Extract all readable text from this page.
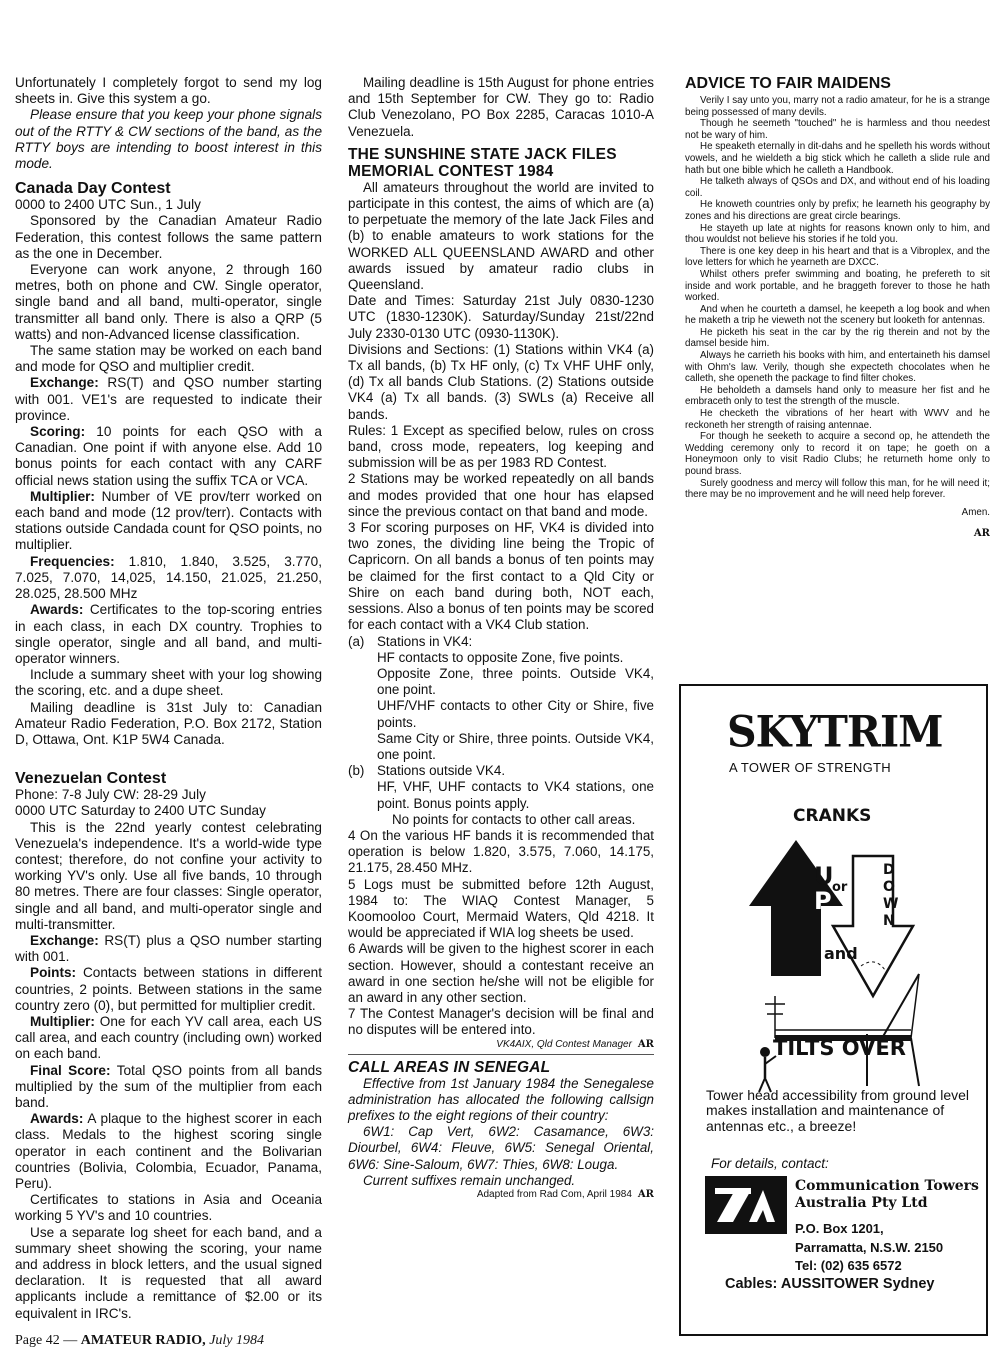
Unfortunately I completely forgot to send my log sheets in. Give this system a go.

Please ensure that you keep your phone signals out of the RTTY & CW sections of the band, as the RTTY boys are intending to boost interest in this mode.

Canada Day Contest

0000 to 2400 UTC Sun., 1 July

Sponsored by the Canadian Amateur Radio Federation, this contest follows the same pattern as the one in December.

Everyone can work anyone, 2 through 160 metres, both on phone and CW. Single operator, single band and all band, multi-operator, single transmitter all band only. There is also a QRP (5 watts) and non-Advanced license classification.

The same station may be worked on each band and mode for QSO and multiplier credit.

Exchange: RS(T) and QSO number starting with 001. VE1's are requested to indicate their province.

Scoring: 10 points for each QSO with a Canadian. One point if with anyone else. Add 10 bonus points for each contact with any CARF official news station using the suffix TCA or VCA.

Multiplier: Number of VE prov/terr worked on each band and mode (12 prov/terr). Contacts with stations outside Candada count for QSO points, no multiplier.

Frequencies: 1.810, 1.840, 3.525, 3.770, 7.025, 7.070, 14,025, 14.150, 21.025, 21.250, 28.025, 28.500 MHz

Awards: Certificates to the top-scoring entries in each class, in each DX country. Trophies to single operator, single and all band, and multi-operator winners.

Include a summary sheet with your log showing the scoring, etc. and a dupe sheet.

Mailing deadline is 31st July to: Canadian Amateur Radio Federation, P.O. Box 2172, Station D, Ottawa, Ont. K1P 5W4 Canada.

Venezuelan Contest

Phone: 7-8 July CW: 28-29 July

0000 UTC Saturday to 2400 UTC Sunday

This is the 22nd yearly contest celebrating Venezuela's independence. It's a world-wide type contest; therefore, do not confine your activity to working YV's only. Use all five bands, 10 through 80 metres. There are four classes: Single operator, single and all band, and multi-operator single and multi-transmitter.

Exchange: RS(T) plus a QSO number starting with 001.

Points: Contacts between stations in different countries, 2 points. Between stations in the same country zero (0), but permitted for multiplier credit.

Multiplier: One for each YV call area, each US call area, and each country (including own) worked on each band.

Final Score: Total QSO points from all bands multiplied by the sum of the multiplier from each band.

Awards: A plaque to the highest scorer in each class. Medals to the highest scoring single operator in each continent and the Bolivarian countries (Bolivia, Colombia, Ecuador, Panama, Peru).

Certificates to stations in Asia and Oceania working 5 YV's and 10 countries.

Use a separate log sheet for each band, and a summary sheet showing the scoring, your name and address in block letters, and the usual signed declaration. It is requested that all award applicants include a remittance of $2.00 or its equivalent in IRC's.

Mailing deadline is 15th August for phone entries and 15th September for CW. They go to: Radio Club Venezolano, PO Box 2285, Caracas 1010-A Venezuela.

THE SUNSHINE STATE JACK FILES
MEMORIAL CONTEST 1984

All amateurs throughout the world are invited to participate in this contest, the aims of which are (a) to perpetuate the memory of the late Jack Files and (b) to enable amateurs to work stations for the WORKED ALL QUEENSLAND AWARD and other awards issued by amateur radio clubs in Queensland.

Date and Times: Saturday 21st July 0830-1230 UTC (1830-1230K). Saturday/Sunday 21st/22nd July 2330-0130 UTC (0930-1130K).

Divisions and Sections: (1) Stations within VK4 (a) Tx all bands, (b) Tx HF only, (c) Tx VHF UHF only, (d) Tx all bands Club Stations. (2) Stations outside VK4 (a) Tx all bands. (3) SWLs (a) Receive all bands.

Rules: 1 Except as specified below, rules on cross band, cross mode, repeaters, log keeping and submission will be as per 1983 RD Contest.

2 Stations may be worked repeatedly on all bands and modes provided that one hour has elapsed since the previous contact on that band and mode.

3 For scoring purposes on HF, VK4 is divided into two zones, the dividing line being the Tropic of Capricorn. On all bands a bonus of ten points may be claimed for the first contact to a Qld City or Shire on each band during both, NOT each, sessions. Also a bonus of ten points may be scored for each contact with a VK4 Club station.

(a) Stations in VK4:

HF contacts to opposite Zone, five points.

Opposite Zone, three points. Outside VK4, one point.

UHF/VHF contacts to other City or Shire, five points.

Same City or Shire, three points. Outside VK4, one point.

(b) Stations outside VK4.

HF, VHF, UHF contacts to VK4 stations, one point. Bonus points apply.

No points for contacts to other call areas.

4 On the various HF bands it is recommended that operation is below 1.820, 3.575, 7.060, 14.175, 21.175, 28.450 MHz.

5 Logs must be submitted before 12th August, 1984 to: The WIAQ Contest Manager, 5 Koomooloo Court, Mermaid Waters, Qld 4218. It would be appreciated if WIA log sheets be used.

6 Awards will be given to the highest scorer in each section. However, should a contestant receive an award in one section he/she will not be eligible for an award in any other section.

7 The Contest Manager's decision will be final and no disputes will be entered into.

VK4AIX, Qld Contest Manager AR

CALL AREAS IN SENEGAL

Effective from 1st January 1984 the Senegalese administration has allocated the following callsign prefixes to the eight regions of their country:

6W1: Cap Vert, 6W2: Casamance, 6W3: Diourbel, 6W4: Fleuve, 6W5: Senegal Oriental, 6W6: Sine-Saloum, 6W7: Thies, 6W8: Louga.

Current suffixes remain unchanged.

Adapted from Rad Com, April 1984 AR

ADVICE TO FAIR MAIDENS

Verily I say unto you, marry not a radio amateur, for he is a strange being possessed of many devils.

Though he seemeth "touched" he is harmless and thou needest not be wary of him.

He speaketh eternally in dit-dahs and he spelleth his words without vowels, and he wieldeth a big stick which he calleth a slide rule and hath but one bible which he calleth a Handbook.

He talketh always of QSOs and DX, and without end of his loading coil.

He knoweth countries only by prefix; he learneth his geography by zones and his directions are great circle bearings.

He stayeth up late at nights for reasons known only to him, and thou wouldst not believe his stories if he told you.

There is one key deep in his heart and that is a Vibroplex, and the love letters for which he yearneth are DXCC.

Whilst others prefer swimming and boating, he prefereth to sit inside and work portable, and he braggeth forever to those he hath worked.

And when he courteth a damsel, he keepeth a log book and when he maketh a trip he vieweth not the scenery but looketh for antennas.

He picketh his seat in the car by the rig therein and not by the damsel beside him.

Always he carrieth his books with him, and entertaineth his damsel with Ohm's law. Verily, though she expecteth chocolates when he calleth, she openeth the package to find filter chokes.

He beholdeth a damsels hand only to measure her fist and he embraceth only to test the strength of the muscle.

He checketh the vibrations of her heart with WWV and he reckoneth her strength of raising antennae.

For though he seeketh to acquire a second op, he attendeth the Wedding ceremony only to record it on tape; he goeth on a Honeymoon only to visit Radio Clubs; he returneth home only to pound brass.

Surely goodness and mercy will follow this man, for he will need it; there may be no improvement and he will need help forever.

Amen.

AR

SKYTRIM
A TOWER OF STRENGTH
CRANKS
U
P or
D
O
W
N
and
TILTS OVER
Tower head accessibility from ground level makes installation and maintenance of antennas etc., a breeze!
For details, contact:
Communication Towers
Australia Pty Ltd
P.O. Box 1201,
Parramatta, N.S.W. 2150
Tel: (02) 635 6572
Cables: AUSSITOWER Sydney
Page 42 — AMATEUR RADIO, July 1984
